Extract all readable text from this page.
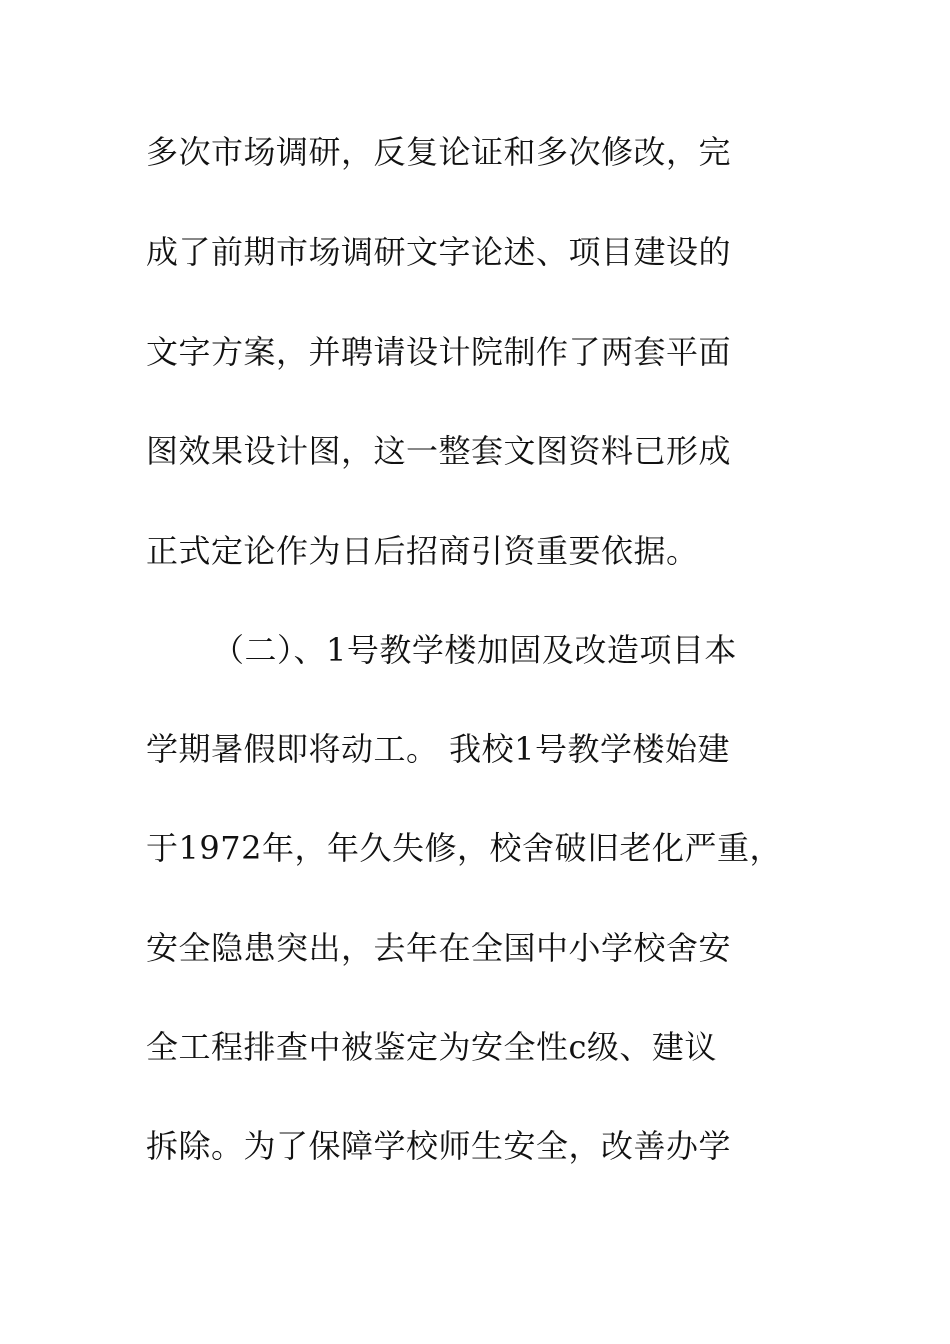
多次市场调研，反复论证和多次修改，完
成了前期市场调研文字论述、项目建设的
文字方案，并聘请设计院制作了两套平面
图效果设计图，这一整套文图资料已形成
正式定论作为日后招商引资重要依据。
（二）、1号教学楼加固及改造项目本
学期暑假即将动工。 我校1号教学楼始建
于1972年，年久失修，校舍破旧老化严重，
安全隐患突出，去年在全国中小学校舍安
全工程排查中被鉴定为安全性c级、建议
拆除。为了保障学校师生安全，改善办学
